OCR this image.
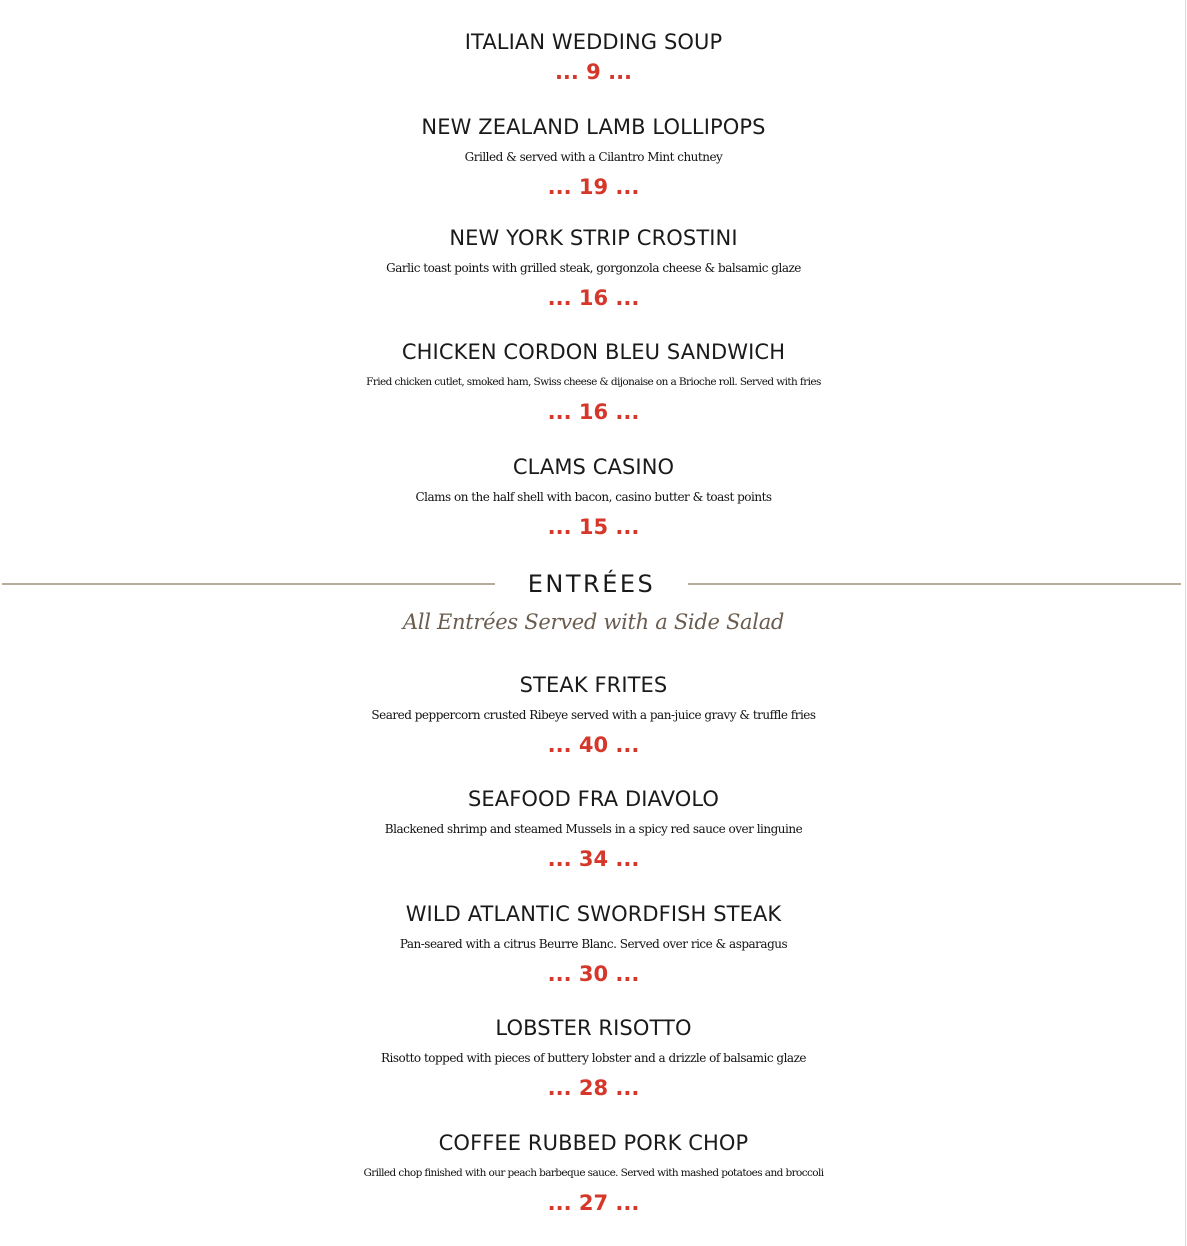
ITALIAN WEDDING SOUP
... 9 ...
NEW ZEALAND LAMB LOLLIPOPS
Grilled & served with a Cilantro Mint chutney
... 19 ...
NEW YORK STRIP CROSTINI
Garlic toast points with grilled steak, gorgonzola cheese & balsamic glaze
... 16 ...
CHICKEN CORDON BLEU SANDWICH
Fried chicken cutlet, smoked ham, Swiss cheese & dijonaise on a Brioche roll. Served with fries
... 16 ...
CLAMS CASINO
Clams on the half shell with bacon, casino butter & toast points
... 15 ...
ENTRÉES
All Entrées Served with a Side Salad
STEAK FRITES
Seared peppercorn crusted Ribeye served with a pan-juice gravy & truffle fries
... 40 ...
SEAFOOD FRA DIAVOLO
Blackened shrimp and steamed Mussels in a spicy red sauce over linguine
... 34 ...
WILD ATLANTIC SWORDFISH STEAK
Pan-seared with a citrus Beurre Blanc. Served over rice & asparagus
... 30 ...
LOBSTER RISOTTO
Risotto topped with pieces of buttery lobster and a drizzle of balsamic glaze
... 28 ...
COFFEE RUBBED PORK CHOP
Grilled chop finished with our peach barbeque sauce. Served with mashed potatoes and broccoli
... 27 ...
